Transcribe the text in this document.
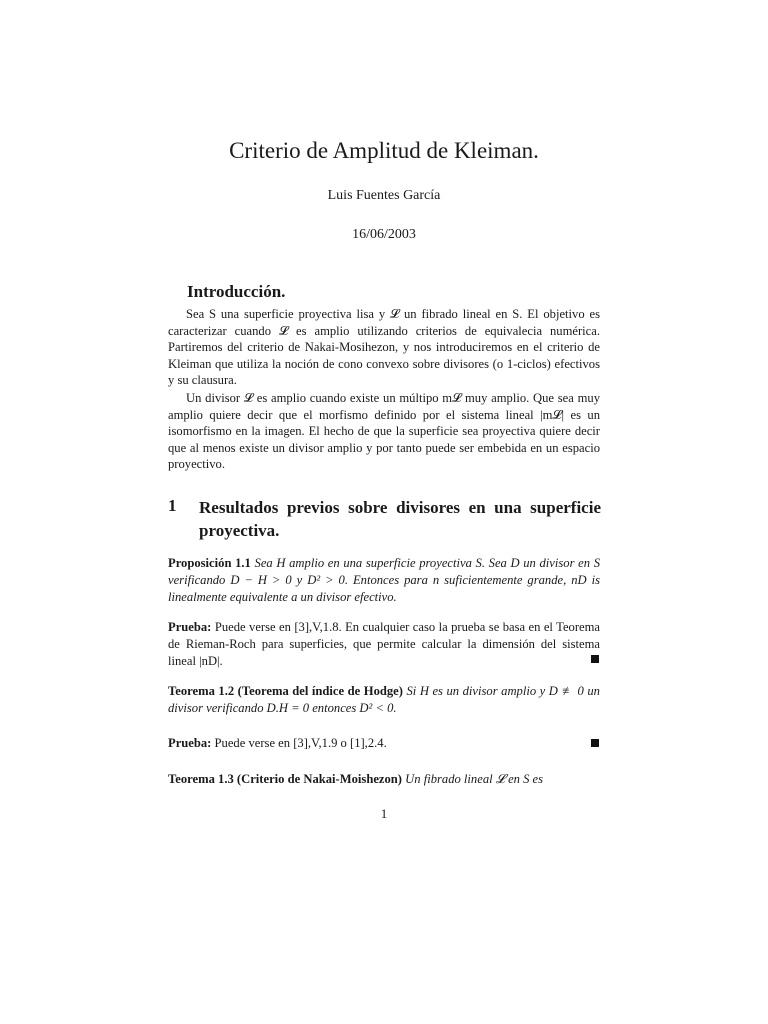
Criterio de Amplitud de Kleiman.
Luis Fuentes García
16/06/2003
Introducción.

Sea S una superficie proyectiva lisa y 𝓛 un fibrado lineal en S. El objetivo es caracterizar cuando 𝓛 es amplio utilizando criterios de equivalecia numérica. Partiremos del criterio de Nakai-Mosihezon, y nos introduciremos en el criterio de Kleiman que utiliza la noción de cono convexo sobre divisores (o 1-ciclos) efectivos y su clausura.

Un divisor 𝓛 es amplio cuando existe un múltipo m𝓛 muy amplio. Que sea muy amplio quiere decir que el morfismo definido por el sistema lineal |m𝓛| es un isomorfismo en la imagen. El hecho de que la superficie sea proyectiva quiere decir que al menos existe un divisor amplio y por tanto puede ser embebida en un espacio proyectivo.

1 Resultados previos sobre divisores en una superficie proyectiva.

Proposición 1.1 Sea H amplio en una superficie proyectiva S. Sea D un divisor en S verificando D − H > 0 y D² > 0. Entonces para n suficientemente grande, nD is linealmente equivalente a un divisor efectivo.

Prueba: Puede verse en [3],V,1.8. En cualquier caso la prueba se basa en el Teorema de Rieman-Roch para superficies, que permite calcular la dimensión del sistema lineal |nD|.

Teorema 1.2 (Teorema del índice de Hodge) Si H es un divisor amplio y D ≢ 0 un divisor verificando D.H = 0 entonces D² < 0.

Prueba: Puede verse en [3],V,1.9 o [1],2.4.

Teorema 1.3 (Criterio de Nakai-Moishezon) Un fibrado lineal 𝓛 en S es

1
